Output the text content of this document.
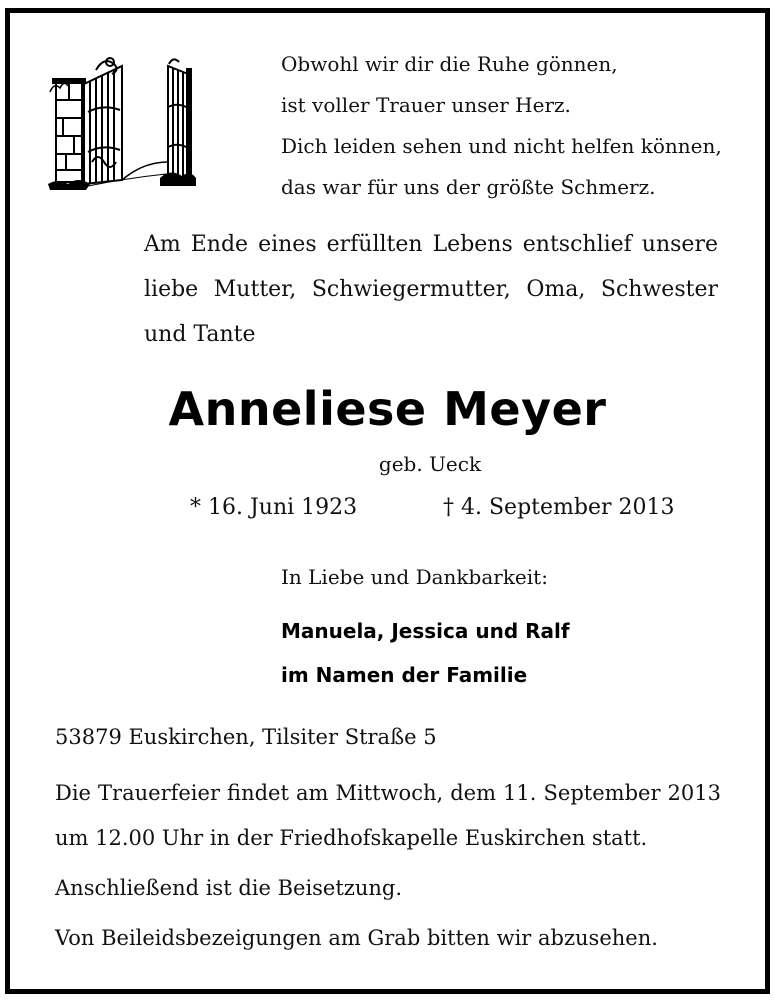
Obwohl wir dir die Ruhe gönnen,
ist voller Trauer unser Herz.
Dich leiden sehen und nicht helfen können,
das war für uns der größte Schmerz.
Am Ende eines erfüllten Lebens entschlief unsere liebe Mutter, Schwiegermutter, Oma, Schwester und Tante
Anneliese Meyer
geb. Ueck
* 16. Juni 1923	† 4. September 2013
In Liebe und Dankbarkeit:
Manuela, Jessica und Ralf
im Namen der Familie
53879 Euskirchen, Tilsiter Straße 5
Die Trauerfeier findet am Mittwoch, dem 11. September 2013 um 12.00 Uhr in der Friedhofskapelle Euskirchen statt.
Anschließend ist die Beisetzung.
Von Beileidsbezeigungen am Grab bitten wir abzusehen.
